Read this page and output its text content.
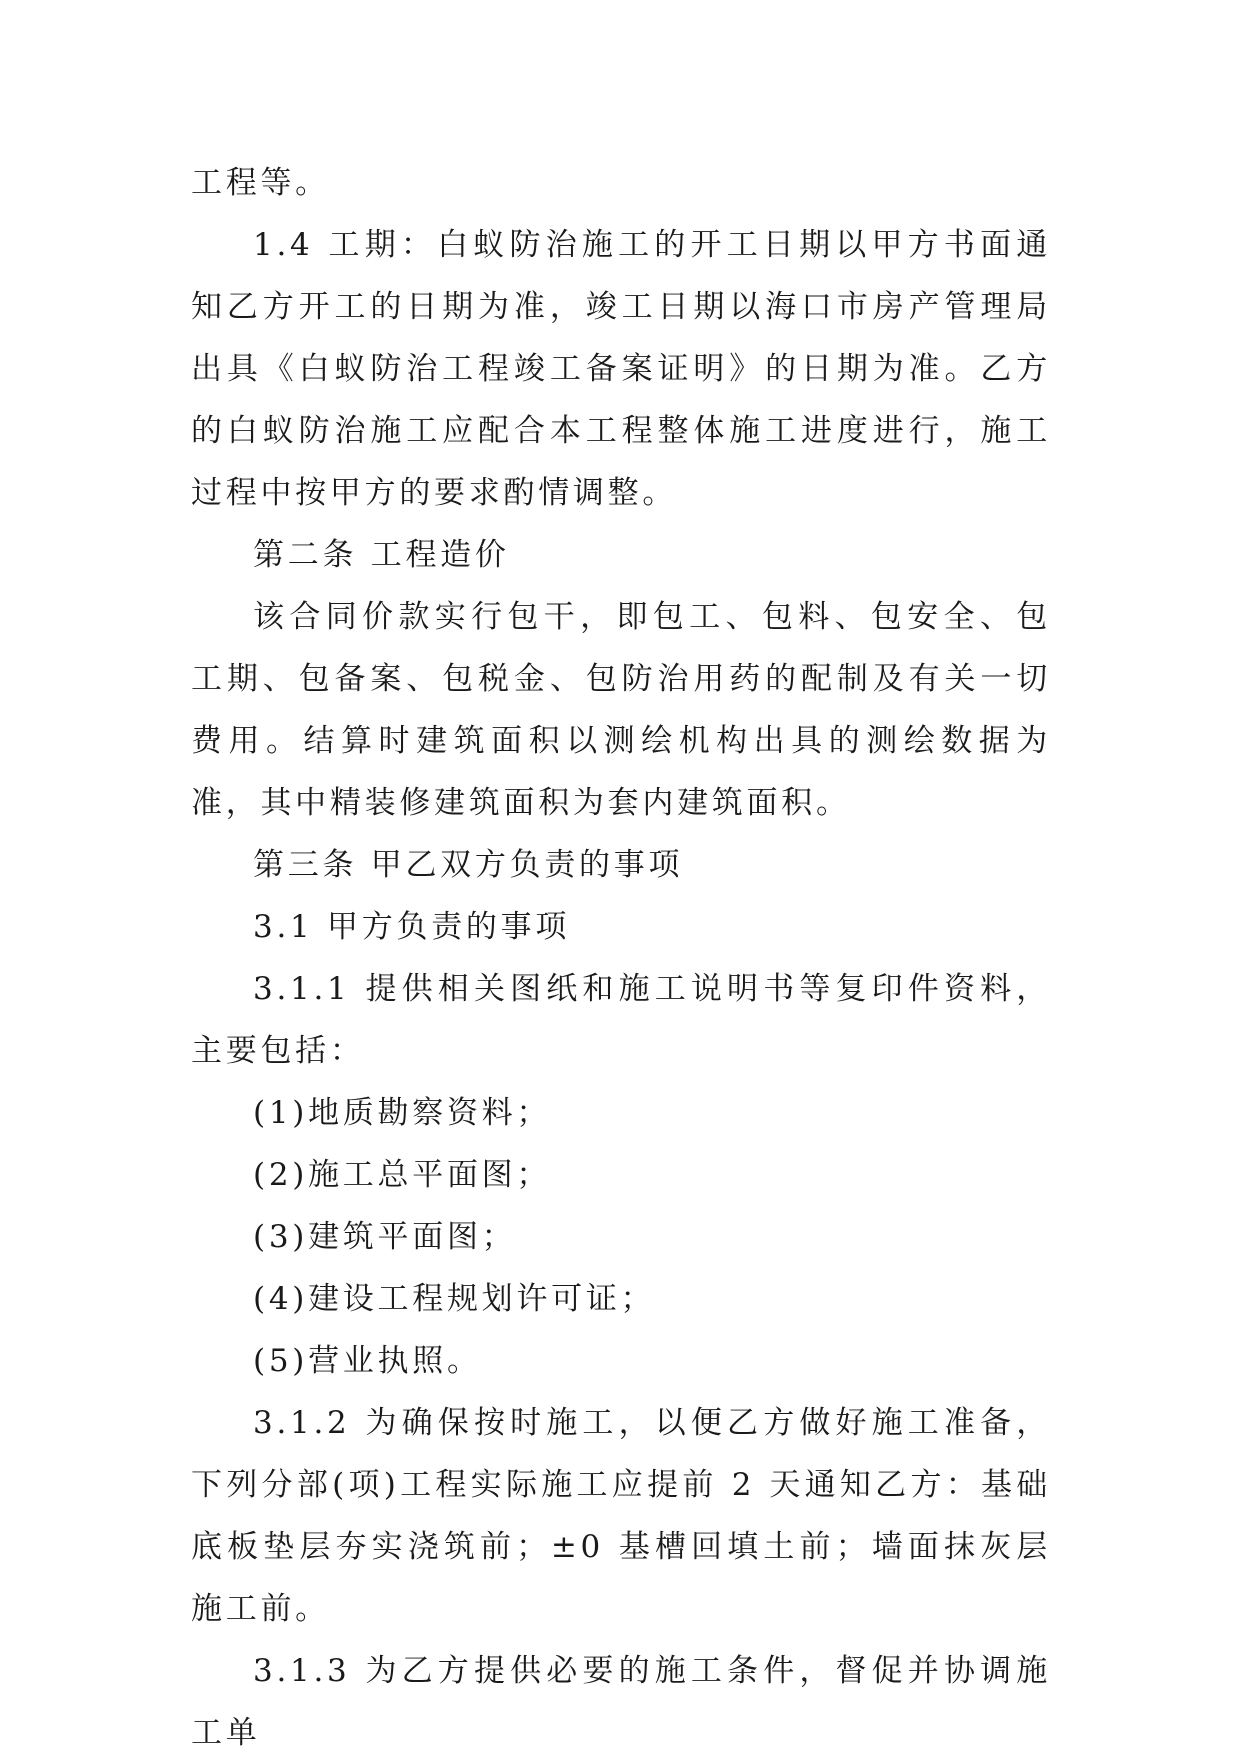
工程等。

1.4 工期：白蚁防治施工的开工日期以甲方书面通知乙方开工的日期为准，竣工日期以海口市房产管理局出具《白蚁防治工程竣工备案证明》的日期为准。乙方的白蚁防治施工应配合本工程整体施工进度进行，施工过程中按甲方的要求酌情调整。

第二条 工程造价

该合同价款实行包干，即包工、包料、包安全、包工期、包备案、包税金、包防治用药的配制及有关一切费用。结算时建筑面积以测绘机构出具的测绘数据为准，其中精装修建筑面积为套内建筑面积。

第三条 甲乙双方负责的事项

3.1 甲方负责的事项

3.1.1 提供相关图纸和施工说明书等复印件资料，主要包括：

(1)地质勘察资料；

(2)施工总平面图；

(3)建筑平面图；

(4)建设工程规划许可证；

(5)营业执照。

3.1.2 为确保按时施工，以便乙方做好施工准备，下列分部(项)工程实际施工应提前 2 天通知乙方：基础底板垫层夯实浇筑前；±0 基槽回填土前；墙面抹灰层施工前。

3.1.3 为乙方提供必要的施工条件，督促并协调施工单
